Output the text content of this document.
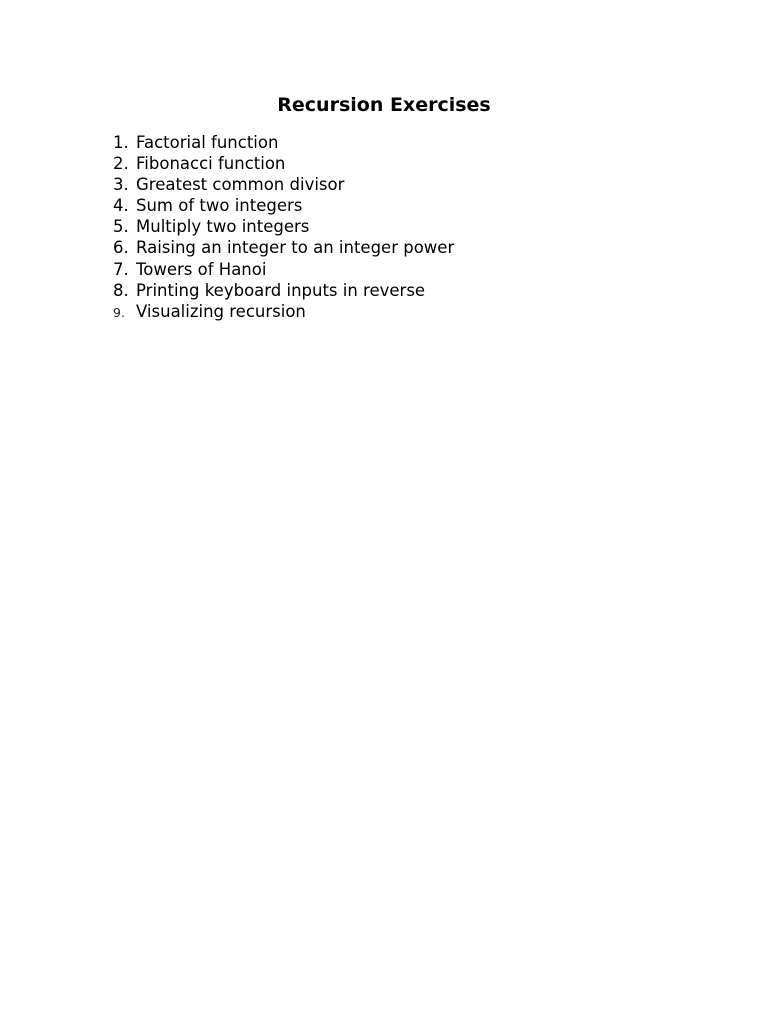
Recursion Exercises
1. Factorial function
2. Fibonacci function
3. Greatest common divisor
4. Sum of two integers
5. Multiply two integers
6. Raising an integer to an integer power
7. Towers of Hanoi
8. Printing keyboard inputs in reverse
9. Visualizing recursion
